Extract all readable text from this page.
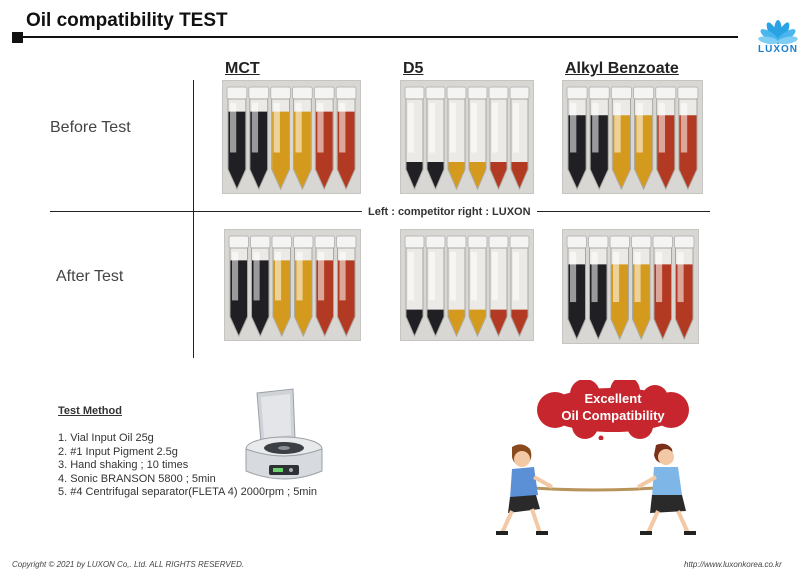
Oil compatibility TEST
LUXON
MCT	D5	Alkyl Benzoate
Before Test
After Test
Left : competitor right : LUXON
Test Method
1. Vial Input Oil 25g
2. #1 Input Pigment 2.5g
3. Hand shaking ; 10 times
4. Sonic BRANSON 5800 ; 5min
5. #4 Centrifugal separator(FLETA 4) 2000rpm ; 5min
Excellent
Oil Compatibility
Copyright © 2021 by LUXON Co,. Ltd. ALL RIGHTS RESERVED.	http://www.luxonkorea.co.kr
